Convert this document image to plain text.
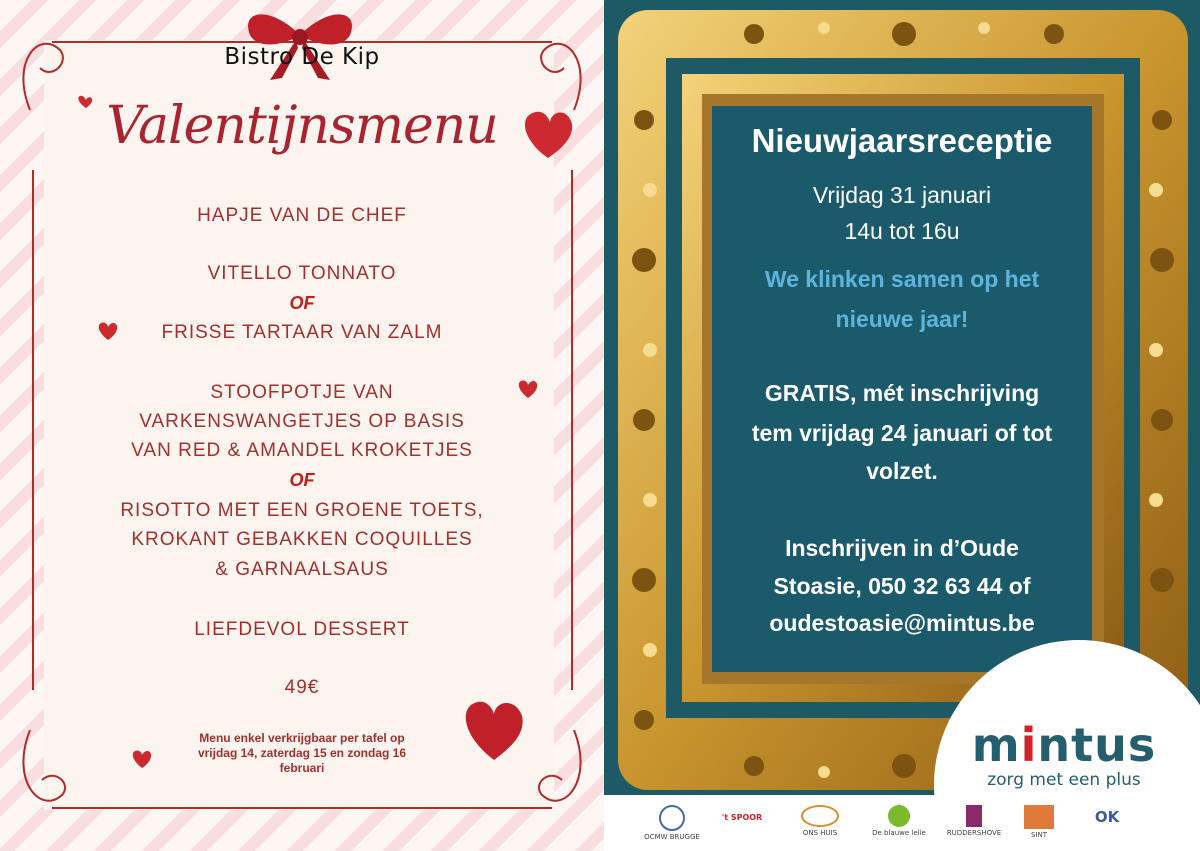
Bistro De Kip
Valentijnsmenu
HAPJE VAN DE CHEF
VITELLO TONNATO
OF
FRISSE TARTAAR VAN ZALM
STOOFPOTJE VAN
VARKENSWANGETJES OP BASIS
VAN RED & AMANDEL KROKETJES
OF
RISOTTO MET EEN GROENE TOETS,
KROKANT GEBAKKEN COQUILLES
& GARNAALSAUS
LIEFDEVOL DESSERT
49€
Menu enkel verkrijgbaar per tafel op
vrijdag 14, zaterdag 15 en zondag 16
februari
Nieuwjaarsreceptie
Vrijdag 31 januari
14u tot 16u
We klinken samen op het
nieuwe jaar!
GRATIS, mét inschrijving
tem vrijdag 24 januari of tot
volzet.
Inschrijven in d’Oude
Stoasie, 050 32 63 44 of
oudestoasie@mintus.be
mintus
zorg met een plus
OCMW BRUGGE
't SPOOR
ONS HUIS	De blauwe lelie	RUDDERSHOVE	SINT
OK
